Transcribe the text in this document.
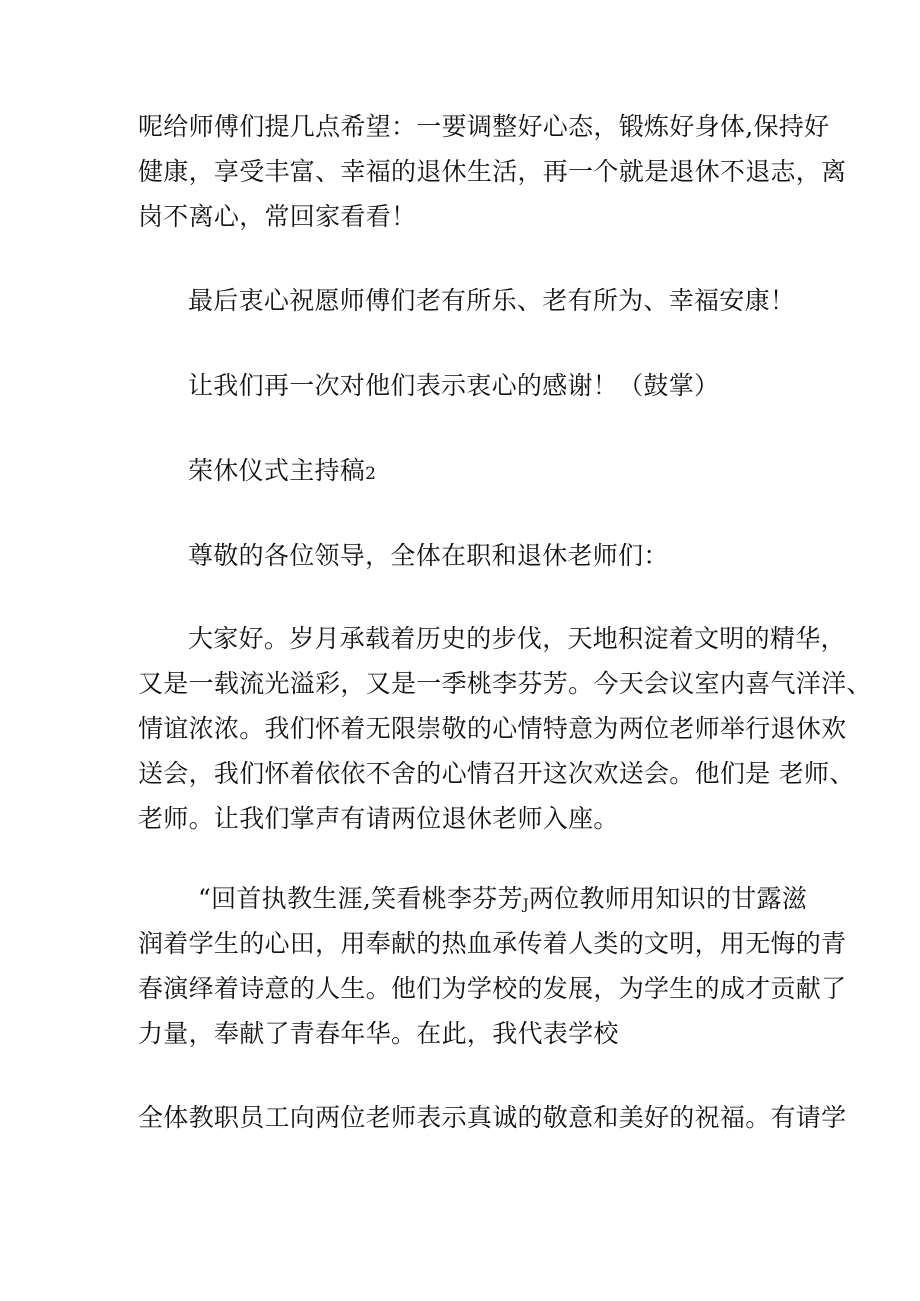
呢给师傅们提几点希望：一要调整好心态，锻炼好身体,保持好
健康，享受丰富、幸福的退休生活，再一个就是退休不退志，离
岗不离心，常回家看看！
最后衷心祝愿师傅们老有所乐、老有所为、幸福安康！
让我们再一次对他们表示衷心的感谢！（鼓掌）
荣休仪式主持稿2
尊敬的各位领导，全体在职和退休老师们：
大家好。岁月承载着历史的步伐，天地积淀着文明的精华，
又是一载流光溢彩，又是一季桃李芬芳。今天会议室内喜气洋洋、
情谊浓浓。我们怀着无限崇敬的心情特意为两位老师举行退休欢
送会，我们怀着依依不舍的心情召开这次欢送会。他们是 老师、
老师。让我们掌声有请两位退休老师入座。
“回首执教生涯,笑看桃李芬芳J两位教师用知识的甘露滋
润着学生的心田，用奉献的热血承传着人类的文明，用无悔的青
春演绎着诗意的人生。他们为学校的发展，为学生的成才贡献了
力量，奉献了青春年华。在此，我代表学校
全体教职员工向两位老师表示真诚的敬意和美好的祝福。有请学
